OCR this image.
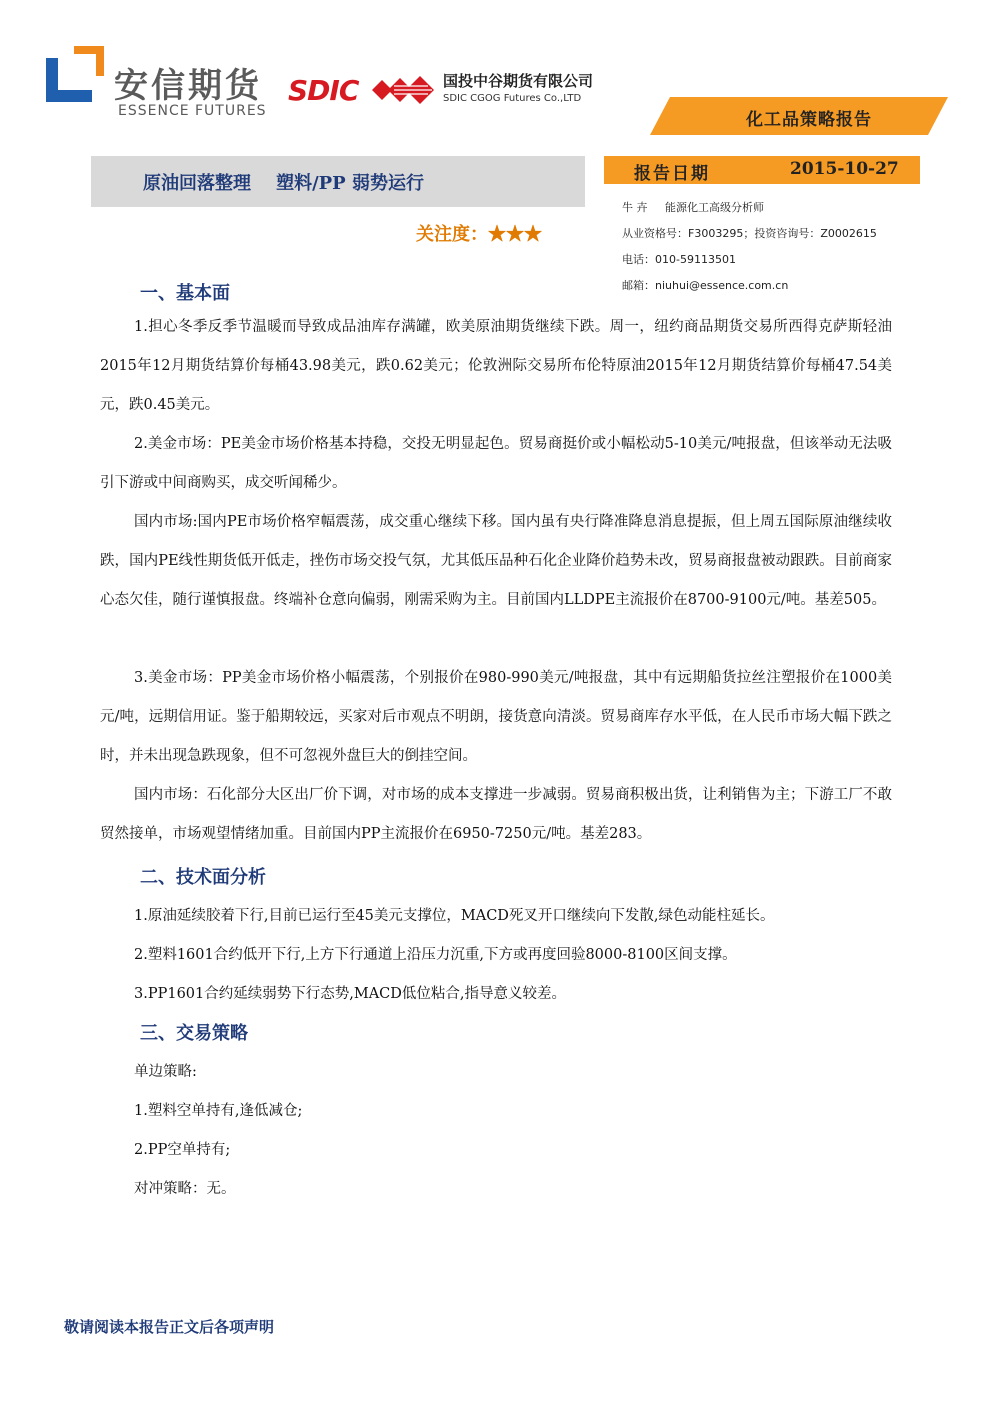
安信期货
ESSENCE FUTURES
SDIC	国投中谷期货有限公司
SDIC CGOG Futures Co.,LTD
化工品策略报告
原油回落整理    塑料/PP 弱势运行	报告日期	2015-10-27
关注度：★★★
牛 卉     能源化工高级分析师
从业资格号：F3003295；投资咨询号：Z0002615
电话：010-59113501
邮箱：niuhui@essence.com.cn
一、基本面

1.担心冬季反季节温暖而导致成品油库存满罐，欧美原油期货继续下跌。周一，纽约商品期货交易所西得克萨斯轻油2015年12月期货结算价每桶43.98美元，跌0.62美元；伦敦洲际交易所布伦特原油2015年12月期货结算价每桶47.54美元，跌0.45美元。

2.美金市场：PE美金市场价格基本持稳，交投无明显起色。贸易商挺价或小幅松动5-10美元/吨报盘，但该举动无法吸引下游或中间商购买，成交听闻稀少。

国内市场:国内PE市场价格窄幅震荡，成交重心继续下移。国内虽有央行降准降息消息提振，但上周五国际原油继续收跌，国内PE线性期货低开低走，挫伤市场交投气氛，尤其低压品种石化企业降价趋势未改，贸易商报盘被动跟跌。目前商家心态欠佳，随行谨慎报盘。终端补仓意向偏弱，刚需采购为主。目前国内LLDPE主流报价在8700-9100元/吨。基差505。

3.美金市场：PP美金市场价格小幅震荡，个别报价在980-990美元/吨报盘，其中有远期船货拉丝注塑报价在1000美元/吨，远期信用证。鉴于船期较远，买家对后市观点不明朗，接货意向清淡。贸易商库存水平低，在人民币市场大幅下跌之时，并未出现急跌现象，但不可忽视外盘巨大的倒挂空间。

国内市场：石化部分大区出厂价下调，对市场的成本支撑进一步减弱。贸易商积极出货，让利销售为主；下游工厂不敢贸然接单，市场观望情绪加重。目前国内PP主流报价在6950-7250元/吨。基差283。

二、技术面分析
1.原油延续胶着下行,目前已运行至45美元支撑位，MACD死叉开口继续向下发散,绿色动能柱延长。
2.塑料1601合约低开下行,上方下行通道上沿压力沉重,下方或再度回验8000-8100区间支撑。
3.PP1601合约延续弱势下行态势,MACD低位粘合,指导意义较差。
三、交易策略
单边策略:
1.塑料空单持有,逢低减仓;
2.PP空单持有;
对冲策略：无。
敬请阅读本报告正文后各项声明
